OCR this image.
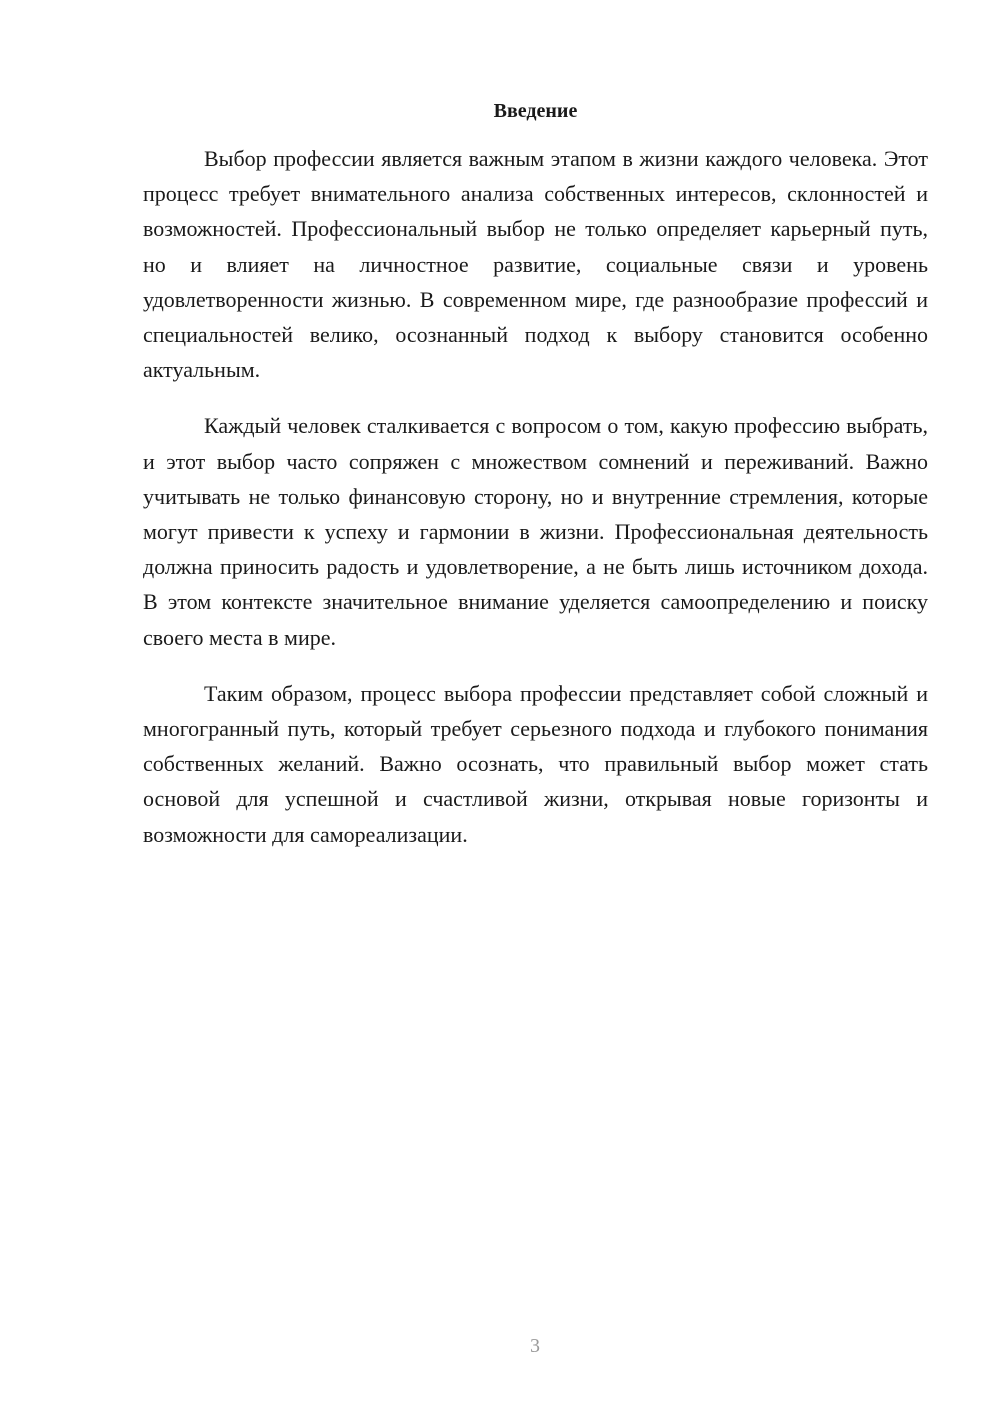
Введение

Выбор профессии является важным этапом в жизни каждого человека. Этот процесс требует внимательного анализа собственных интересов, склонностей и возможностей. Профессиональный выбор не только определяет карьерный путь, но и влияет на личностное развитие, социальные связи и уровень удовлетворенности жизнью. В современном мире, где разнообразие профессий и специальностей велико, осознанный подход к выбору становится особенно актуальным.

Каждый человек сталкивается с вопросом о том, какую профессию выбрать, и этот выбор часто сопряжен с множеством сомнений и переживаний. Важно учитывать не только финансовую сторону, но и внутренние стремления, которые могут привести к успеху и гармонии в жизни. Профессиональная деятельность должна приносить радость и удовлетворение, а не быть лишь источником дохода. В этом контексте значительное внимание уделяется самоопределению и поиску своего места в мире.

Таким образом, процесс выбора профессии представляет собой сложный и многогранный путь, который требует серьезного подхода и глубокого понимания собственных желаний. Важно осознать, что правильный выбор может стать основой для успешной и счастливой жизни, открывая новые горизонты и возможности для самореализации.

3
